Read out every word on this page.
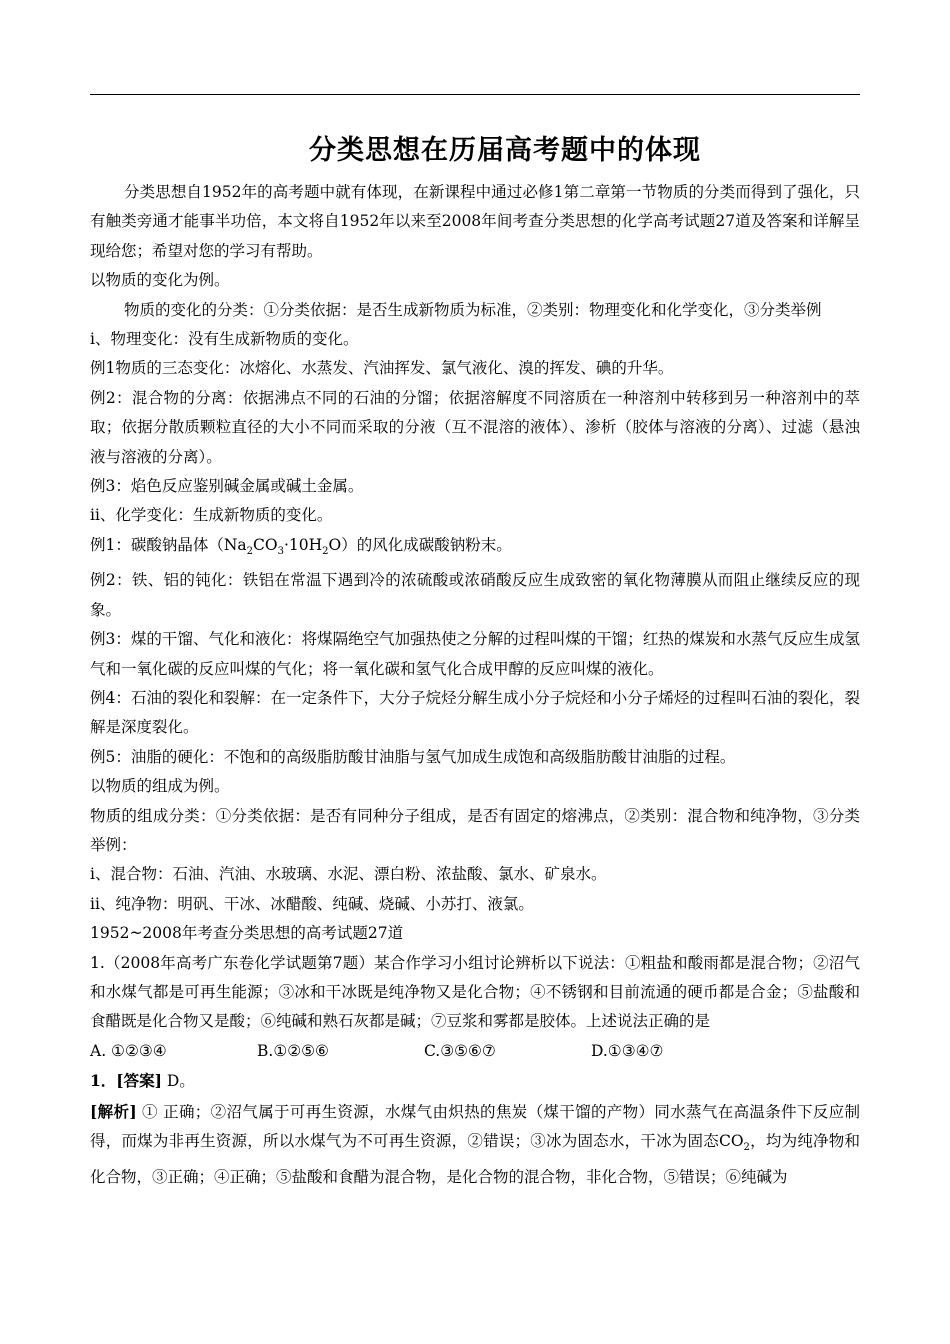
分类思想在历届高考题中的体现

分类思想自1952年的高考题中就有体现，在新课程中通过必修1第二章第一节物质的分类而得到了强化，只有触类旁通才能事半功倍，本文将自1952年以来至2008年间考查分类思想的化学高考试题27道及答案和详解呈现给您；希望对您的学习有帮助。

以物质的变化为例。

物质的变化的分类：①分类依据：是否生成新物质为标准，②类别：物理变化和化学变化，③分类举例

ⅰ、物理变化：没有生成新物质的变化。

例1物质的三态变化：冰熔化、水蒸发、汽油挥发、氯气液化、溴的挥发、碘的升华。

例2：混合物的分离：依据沸点不同的石油的分馏；依据溶解度不同溶质在一种溶剂中转移到另一种溶剂中的萃取；依据分散质颗粒直径的大小不同而采取的分液（互不混溶的液体）、渗析（胶体与溶液的分离）、过滤（悬浊液与溶液的分离）。

例3：焰色反应鉴别碱金属或碱土金属。

ⅱ、化学变化：生成新物质的变化。

例1：碳酸钠晶体$(Na_2CO_3\cdot 10H_2O)$的风化成碳酸钠粉末。

例2：铁、铝的钝化：铁铝在常温下遇到冷的浓硫酸或浓硝酸反应生成致密的氧化物薄膜从而阻止继续反应的现象。

例3：煤的干馏、气化和液化：将煤隔绝空气加强热使之分解的过程叫煤的干馏；红热的煤炭和水蒸气反应生成氢气和一氧化碳的反应叫煤的气化；将一氧化碳和氢气化合成甲醇的反应叫煤的液化。

例4：石油的裂化和裂解：在一定条件下，大分子烷烃分解生成小分子烷烃和小分子烯烃的过程叫石油的裂化，裂解是深度裂化。

例5：油脂的硬化：不饱和的高级脂肪酸甘油脂与氢气加成生成饱和高级脂肪酸甘油脂的过程。

以物质的组成为例。

物质的组成分类：①分类依据：是否有同种分子组成，是否有固定的熔沸点，②类别：混合物和纯净物，③分类举例：

ⅰ、混合物：石油、汽油、水玻璃、水泥、漂白粉、浓盐酸、氯水、矿泉水。

ⅱ、纯净物：明矾、干冰、冰醋酸、纯碱、烧碱、小苏打、液氯。

1952~2008年考查分类思想的高考试题27道

1.（2008年高考广东卷化学试题第7题）某合作学习小组讨论辨析以下说法：①粗盐和酸雨都是混合物；②沼气和水煤气都是可再生能源；③冰和干冰既是纯净物又是化合物；④不锈钢和目前流通的硬币都是合金；⑤盐酸和食醋既是化合物又是酸；⑥纯碱和熟石灰都是碱；⑦豆浆和雾都是胶体。上述说法正确的是

A. ①②③④	B.①②⑤⑥	C.③⑤⑥⑦	D.①③④⑦

1．[答案] D。

[解析] ① 正确；②沼气属于可再生资源，水煤气由炽热的焦炭（煤干馏的产物）同水蒸气在高温条件下反应制得，而煤为非再生资源，所以水煤气为不可再生资源，②错误；③冰为固态水，干冰为固态$CO_2$，均为纯净物和化合物，③正确；④正确；⑤盐酸和食醋为混合物，是化合物的混合物，非化合物，⑤错误；⑥纯碱为
